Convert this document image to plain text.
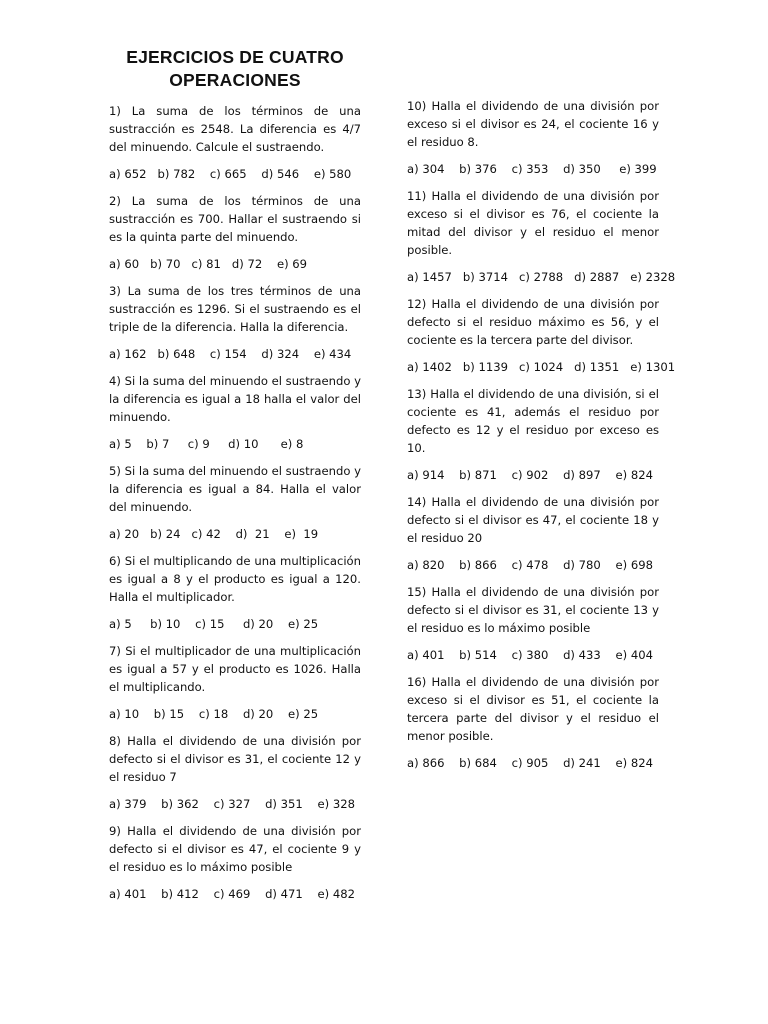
EJERCICIOS DE CUATRO
OPERACIONES

1) La suma de los términos de una sustracción es 2548. La diferencia es 4/7 del minuendo. Calcule el sustraendo.

a) 652   b) 782    c) 665    d) 546    e) 580

2) La suma de los términos de una sustracción es 700. Hallar el sustraendo si es la quinta parte del minuendo.

a) 60   b) 70   c) 81   d) 72    e) 69

3) La suma de los tres términos de una sustracción es 1296. Si el sustraendo es el triple de la diferencia. Halla la diferencia.

a) 162   b) 648    c) 154    d) 324    e) 434

4) Si la suma del minuendo el sustraendo y la diferencia es igual a 18 halla el valor del minuendo.

a) 5    b) 7     c) 9     d) 10      e) 8

5) Si la suma del minuendo el sustraendo y la diferencia es igual a 84. Halla el valor del minuendo.

a) 20   b) 24   c) 42    d)  21    e)  19

6) Si el multiplicando de una multiplicación es igual a 8 y el producto es igual a 120. Halla el multiplicador.

a) 5     b) 10    c) 15     d) 20    e) 25

7) Si el multiplicador de una multiplicación es igual a 57 y el producto es 1026. Halla el multiplicando.

a) 10    b) 15    c) 18    d) 20    e) 25

8) Halla el dividendo de una división por defecto si el divisor es 31, el cociente 12 y el residuo 7

a) 379    b) 362    c) 327    d) 351    e) 328

9) Halla el dividendo de una división por defecto si el divisor es 47, el cociente 9 y el residuo es lo máximo posible

a) 401    b) 412    c) 469    d) 471    e) 482

10) Halla el dividendo de una división por exceso si el divisor es 24, el cociente 16 y el residuo 8.

a) 304    b) 376    c) 353    d) 350     e) 399

11) Halla el dividendo de una división por exceso si el divisor es 76, el cociente la mitad del divisor y el residuo el menor posible.

a) 1457   b) 3714   c) 2788   d) 2887   e) 2328

12) Halla el dividendo de una división por defecto si el residuo máximo es 56, y el cociente es la tercera parte del divisor.

a) 1402   b) 1139   c) 1024   d) 1351   e) 1301

13) Halla el dividendo de una división, si el cociente es 41, además el residuo por defecto es 12 y el residuo por exceso es 10.

a) 914    b) 871    c) 902    d) 897    e) 824

14) Halla el dividendo de una división por defecto si el divisor es 47, el cociente 18 y el residuo 20

a) 820    b) 866    c) 478    d) 780    e) 698

15) Halla el dividendo de una división por defecto si el divisor es 31, el cociente 13 y el residuo es lo máximo posible

a) 401    b) 514    c) 380    d) 433    e) 404

16) Halla el dividendo de una división por exceso si el divisor es 51, el cociente la tercera parte del divisor y el residuo el menor posible.

a) 866    b) 684    c) 905    d) 241    e) 824
